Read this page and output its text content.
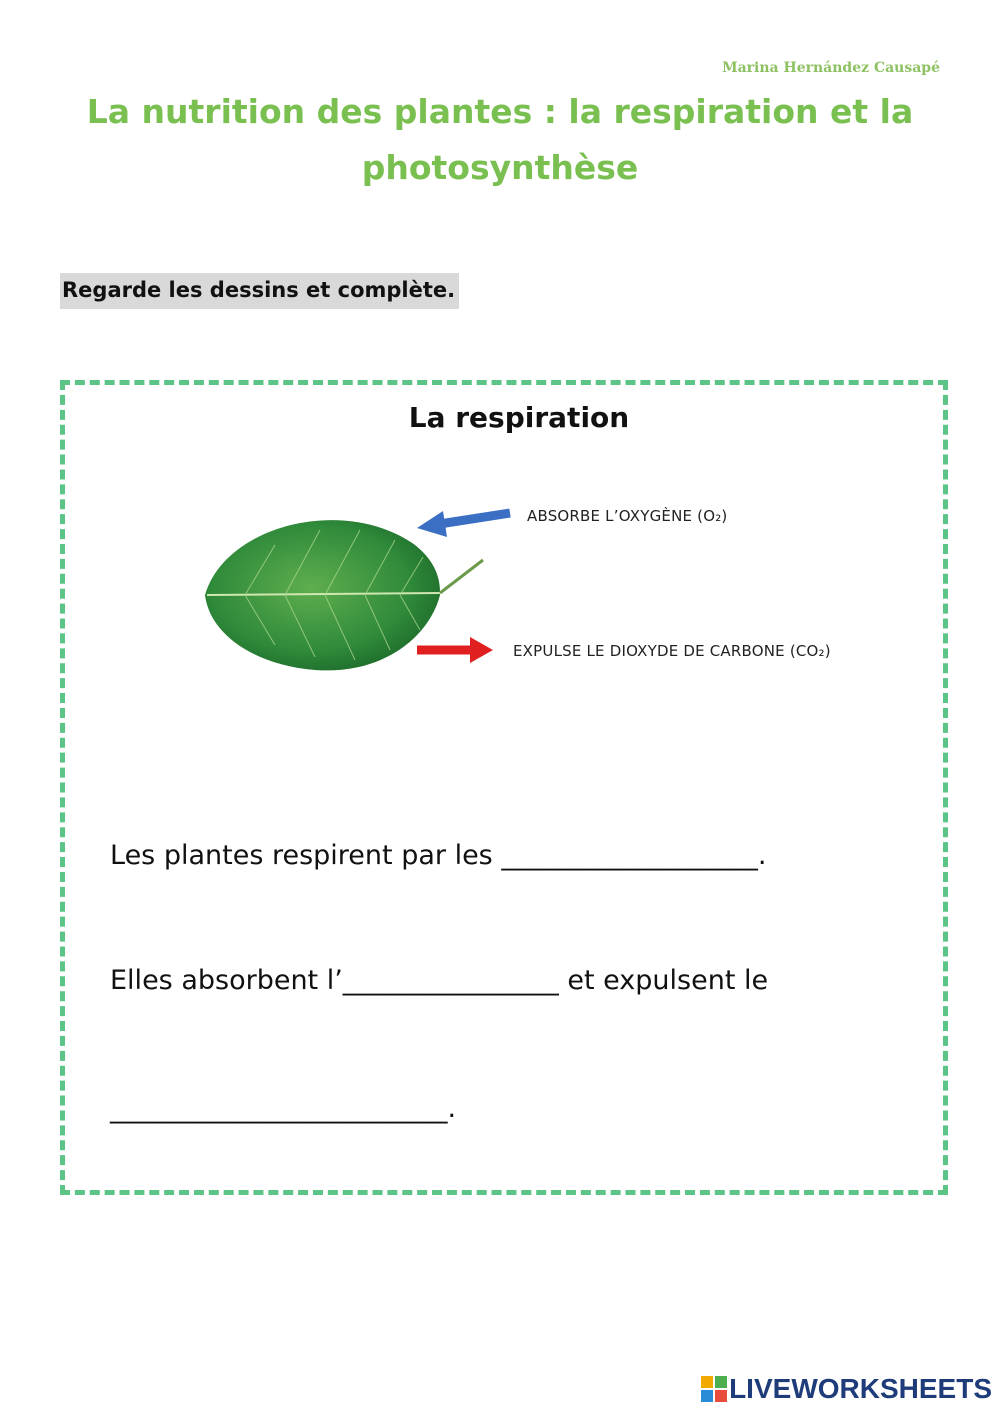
Marina Hernández Causapé
La nutrition des plantes : la respiration et la photosynthèse
Regarde les dessins et complète.
La respiration
ABSORBE L’OXYGÈNE (O₂)
EXPULSE LE DIOXYDE DE CARBONE (CO₂)
Les plantes respirent par les ___________________.
Elles absorbent l’________________ et expulsent le
_________________________.
LIVEWORKSHEETS
